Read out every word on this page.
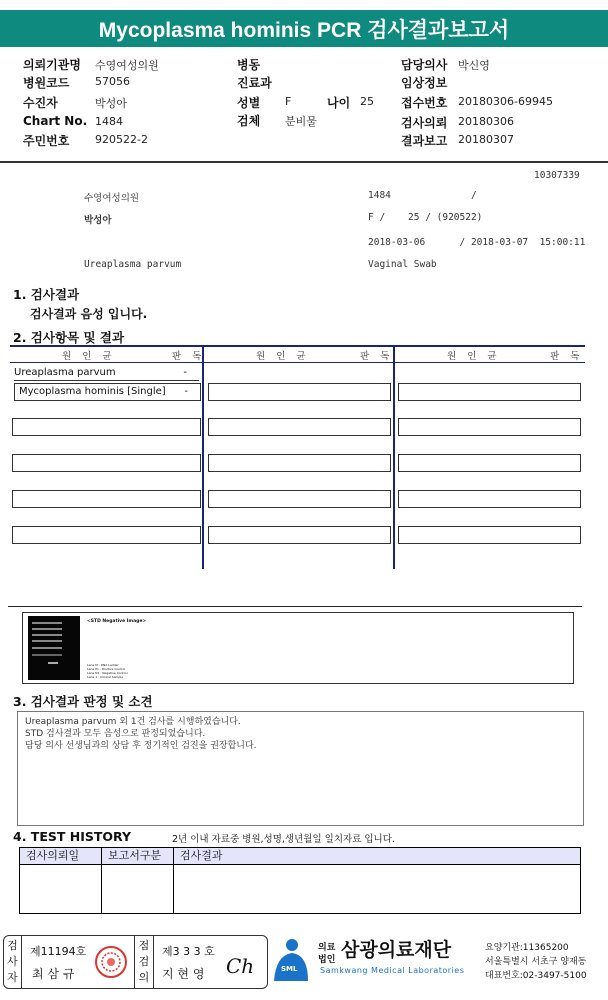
Mycoplasma hominis PCR 검사결과보고서
의뢰기관명 수영여성의원
병원코드 57056
수진자	박성아
Chart No. 1484
주민번호 920522-2
병동
진료과
성별 F	나이 25
검체 분비물
담당의사 박신영
임상정보
접수번호 20180306-69945
검사의뢰 20180306
결과보고 20180307
10307339
수영여성의원	1484              /
박성아	F /    25 / (920522)
2018-03-06      / 2018-03-07  15:00:11
Ureaplasma parvum	Vaginal Swab
1. 검사결과
검사결과 음성 입니다.
2. 검사항목 및 결과
원 인 균	판 독	원 인 균	판 독	원 인 균	판 독
Ureaplasma parvum	-
Mycoplasma hominis [Single] -
<STD Negative Image>
Lane M : DNA Ladder
Lane P1 : Positive Control
Lane N1 : Negative Control
Lane 1 : Clinical Sample
3. 검사결과 판정 및 소견
Ureaplasma parvum 외 1건 검사를 시행하였습니다.
STD 검사결과 모두 음성으로 판정되었습니다.
담당 의사 선생님과의 상담 후 정기적인 검진을 권장합니다.
4. TEST HISTORY	2년 이내 자료중 병원,성명,생년월일 일치자료 입니다.
검사의뢰일	보고서구분	검사결과
검사자
제11194호
최 삼 규
점검의
제3 3 3 호
지 현 영 Ch	SML
의료
법인 삼광의료재단
Samkwang Medical Laboratories
요양기관:11365200
서울특별시 서초구 양재동
대표번호:02-3497-5100
